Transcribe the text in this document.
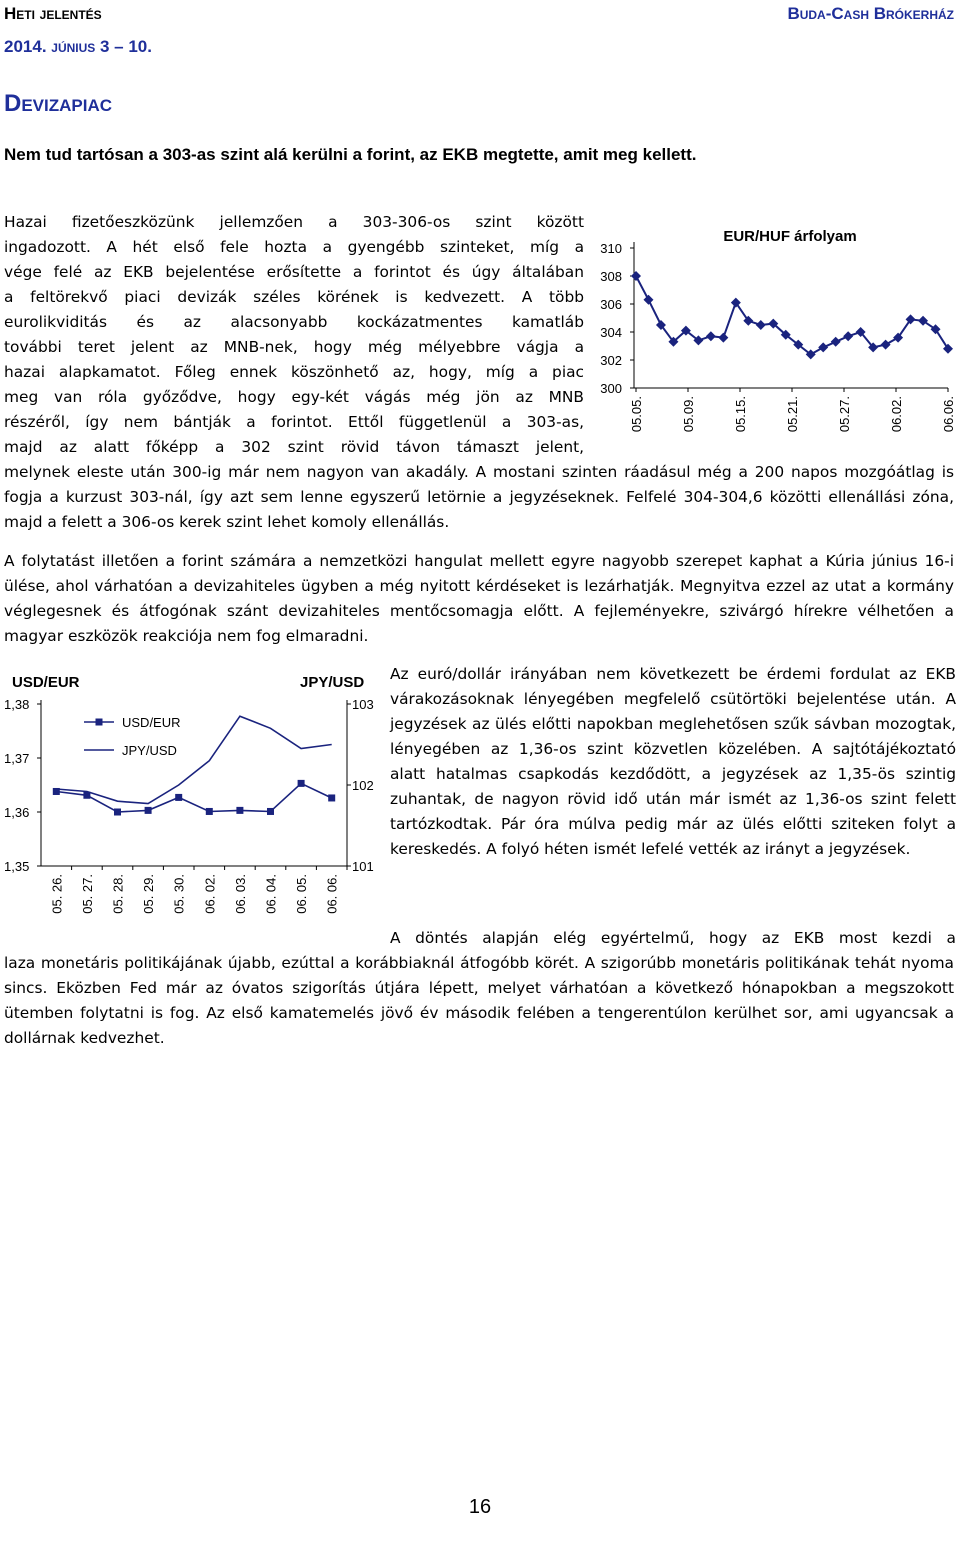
Heti jelentés	Buda-Cash Brókerház
2014. június 3 – 10.
Devizapiac
Nem tud tartósan a 303-as szint alá kerülni a forint, az EKB megtette, amit meg kellett.
Hazai fizetőeszközünk jellemzően a 303-306-os szint között
ingadozott. A hét első fele hozta a gyengébb szinteket, míg a
vége felé az EKB bejelentése erősítette a forintot és úgy általában
a feltörekvő piaci devizák széles körének is kedvezett. A több
eurolikviditás és az alacsonyabb kockázatmentes kamatláb
további teret jelent az MNB-nek, hogy még mélyebbre vágja a
hazai alapkamatot. Főleg ennek köszönhető az, hogy, míg a piac
meg van róla győződve, hogy egy-két vágás még jön az MNB
részéről, így nem bántják a forintot. Ettől függetlenül a 303-as,
majd az alatt főképp a 302 szint rövid távon támaszt jelent,
melynek eleste után 300-ig már nem nagyon van akadály. A mostani szinten ráadásul még a 200 napos mozgóátlag is fogja a kurzust 303-nál, így azt sem lenne egyszerű letörnie a jegyzéseknek. Felfelé 304-304,6 közötti ellenállási zóna, majd a felett a 306-os kerek szint lehet komoly ellenállás.
A folytatást illetően a forint számára a nemzetközi hangulat mellett egyre nagyobb szerepet kaphat a Kúria június 16-i ülése, ahol várhatóan a devizahiteles ügyben a még nyitott kérdéseket is lezárhatják. Megnyitva ezzel az utat a kormány véglegesnek és átfogónak szánt devizahiteles mentőcsomagja előtt. A fejleményekre, szivárgó hírekre vélhetően a magyar eszközök reakciója nem fog elmaradni.
Az euró/dollár irányában nem következett be érdemi fordulat az EKB várakozásoknak lényegében megfelelő csütörtöki bejelentése után. A jegyzések az ülés előtti napokban meglehetősen szűk sávban mozogtak, lényegében az 1,36-os szint közvetlen közelében. A sajtótájékoztató alatt hatalmas csapkodás kezdődött, a jegyzések az 1,35-ös szintig zuhantak, de nagyon rövid idő után már ismét az 1,36-os szint felett tartózkodtak. Pár óra múlva pedig már az ülés előtti sziteken folyt a kereskedés. A folyó héten ismét lefelé vették az irányt a jegyzések.
A döntés alapján elég egyértelmű, hogy az EKB most kezdi a
laza monetáris politikájának újabb, ezúttal a korábbiaknál átfogóbb körét. A szigorúbb monetáris politikának tehát nyoma sincs. Eközben Fed már az óvatos szigorítás útjára lépett, melyet várhatóan a következő hónapokban a megszokott ütemben folytatni is fog. Az első kamatemelés jövő év második felében a tengerentúlon kerülhet sor, ami ugyancsak a dollárnak kedvezhet.
EUR/HUF árfolyam
300
302
304
306
308
310
05.05.	05.09.	05.15.	05.21.	05.27.	06.02.	06.06.
USD/EUR	JPY/USD
1,35
1,36
1,37
1,38
101
102
103
05. 26. 05. 27. 05. 28. 05. 29. 05. 30. 06. 02. 06. 03. 06. 04. 06. 05. 06. 06.
USD/EUR
JPY/USD
16
